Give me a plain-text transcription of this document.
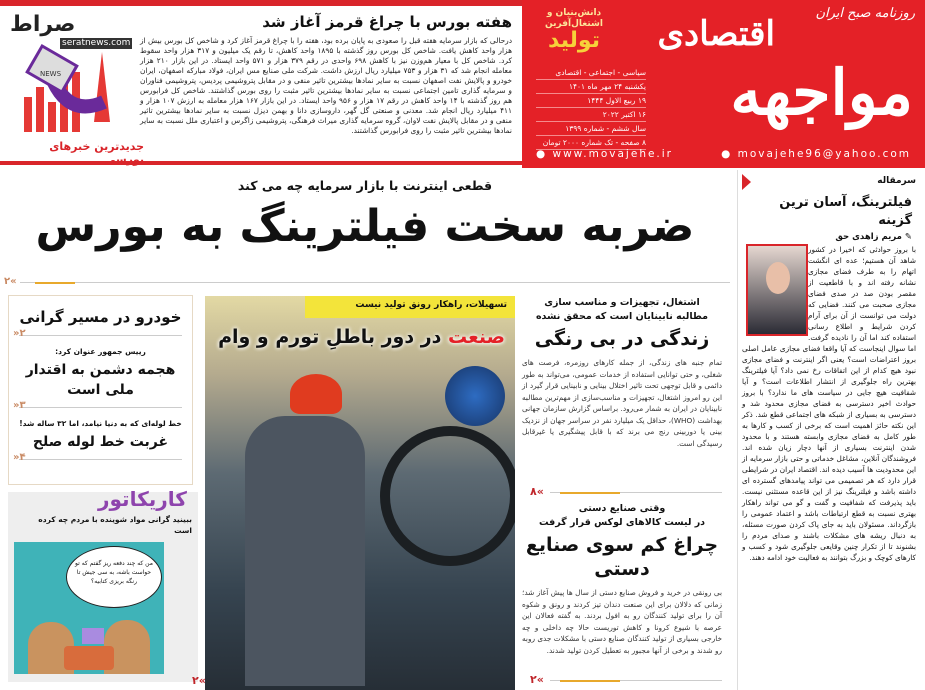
صراط
seratnews.com
NEWS
جدیدترین خبرهای بورسی
هفته بورس با چراغ قرمز آغاز شد
درحالی که بازار سرمایه هفته قبل را صعودی به پایان برده بود، هفته را با چراغ قرمز آغاز کرد و شاخص کل بورس بیش از هزار واحد کاهش یافت. شاخص کل بورس روز گذشته با ۱۸۹۵ واحد کاهش، تا رقم یک میلیون و ۳۱۷ هزار واحد سقوط کرد. شاخص کل با معیار هم‌وزن نیز با کاهش ۶۹۸ واحدی در رقم ۳۷۹ هزار و ۵۷۱ واحد ایستاد. در این بازار ۲۱۰ هزار معامله انجام شد که ۳۱ هزار و ۷۵۳ میلیارد ریال ارزش داشت. شرکت ملی صنایع مس ایران، فولاد مبارکه اصفهان، ایران خودرو و پالایش نفت اصفهان نسبت به سایر نمادها بیشترین تاثیر منفی و در مقابل پتروشیمی پردیس، پتروشیمی فناوران و سرمایه گذاری تامین اجتماعی نسبت به سایر نمادها بیشترین تاثیر مثبت را روی بورس گذاشتند. شاخص کل فرابورس هم روز گذشته با ۱۴ واحد کاهش در رقم ۱۷ هزار و ۹۵۶ واحد ایستاد. در این بازار ۱۶۷ هزار معامله به ارزش ۱۰۷ هزار و ۴۱۱ میلیارد ریال انجام شد. معدنی و صنعتی گل گهر، داروسازی دانا و بهمن دیزل نسبت به سایر نمادها بیشترین تاثیر منفی و در مقابل پالایش نفت لاوان، گروه سرمایه گذاری میراث فرهنگی، پتروشیمی زاگرس و اعتباری ملل نسبت به سایر نمادها بیشترین تاثیر مثبت را روی فرابورس گذاشتند.
روزنامه صبح ایران
اقتصادی
مواجهه
دانش‌بنیان و اشتغال‌آفرین
تولید
سیاسی - اجتماعی - اقتصادی
یکشنبه ۲۴ مهر ماه ۱۴۰۱
۱۹ ربیع الاول ۱۴۴۴
۱۶ اکتبر ۲۰۲۲
سال ششم - شماره ۱۳۹۹
۸ صفحه - تک شماره ۲۰۰۰ تومان
● www.movajehe.ir	● movajehe96@yahoo.com
قطعی اینترنت با بازار سرمایه چه می کند
ضربه سخت فیلترینگ به بورس
۲«
خودرو در مسیر گرانی
۲«
رییس جمهور عنوان کرد:
هجمه دشمن به اقتدار ملی است
۳«
خط لوله‌ای که به دنیا نیامد، اما ۳۲ ساله شد!
غربت خط لوله صلح
۴«
کاریکاتور
ببینید گرانی مواد شوینده با مردم چه کرده است
من که چند دفعه ریز گفتم که تو حواست باشه، به سی جیش تا رنگه بریزی کتابیه؟
تسهیلات، راهکار رونق تولید نیست
صنعت در دور باطلِ تورم و وام
۲«
اشتغال، تجهیزات و مناسب سازی
مطالبه نابینایان است که محقق نشده
زندگی در بی رنگی
تمام جنبه های زندگی، از جمله کارهای روزمره، فرصت های شغلی، و حتی توانایی استفاده از خدمات عمومی، می‌تواند به طور دائمی و قابل توجهی تحت تاثیر اختلال بینایی و نابینایی قرار گیرد از این رو امروز اشتغال، تجهیزات و مناسب‌سازی از مهم‌ترین مطالبه نابینایان در ایران به شمار می‌رود. براساس گزارش سازمان جهانی بهداشت (WHO)، حداقل یک میلیارد نفر در سراسر جهان از نزدیک بینی یا دوربینی رنج می برند که با قابل پیشگیری یا غیرقابل رسیدگی است.
۸«
وقتی صنایع دستی
در لیست کالاهای لوکس قرار گرفت
چراغ کم سوی صنایع دستی
بی رونقی در خرید و فروش صنایع دستی از سال ها پیش آغاز شد؛ زمانی که دلالان برای این صنعت دندان تیز کردند و رونق و شکوه آن را برای تولید کنندگان رو به افول بردند. به گفته فعالان این عرصه با شیوع کرونا و کاهش توریست حالا چه داخلی و چه خارجی بسیاری از تولید کنندگان صنایع دستی با مشکلات جدی روبه رو شدند و برخی از آنها مجبور به تعطیل کردن تولید شدند.
۲«
سرمقاله
فیلترینگ، آسان ترین گزینه
✎ مریم زاهدی حق
با بروز حوادثی که اخیرا در کشور شاهد آن هستیم؛ عده ای انگشت اتهام را به طرف فضای مجازی نشانه رفته اند و با قاطعیت از مقصر بودن صد در صدی فضای مجازی صحبت می کنند. فضایی که دولت می توانست از آن برای آرام کردن شرایط و اطلاع رسانی استفاده کند اما آن را نادیده گرفت. اما سوال اینجاست که آیا واقعا فضای مجازی عامل اصلی بروز اعتراضات است؟ یعنی اگر اینترنت و فضای مجازی نبود هیچ کدام از این اتفاقات رخ نمی داد؟ آیا فیلترینگ بهترین راه جلوگیری از انتشار اطلاعات است؟ و آیا شفافیت هیچ جایی در سیاست های ما ندارد؟ با بروز حوادث اخیر دسترسی به فضای مجازی محدود شد و دسترسی به بسیاری از شبکه های اجتماعی قطع شد. ذکر این نکته حائز اهمیت است که برخی از کسب و کارها به طور کامل به فضای مجازی وابسته هستند و با محدود شدن اینترنت بسیاری از آنها دچار زیان شده اند. فروشندگان آنلاین، مشاغل خدماتی و حتی بازار سرمایه از این محدودیت ها آسیب دیده اند. اقتصاد ایران در شرایطی قرار دارد که هر تصمیمی می تواند پیامدهای گسترده ای داشته باشد و فیلترینگ نیز از این قاعده مستثنی نیست. باید پذیرفت که شفافیت و گفت و گو می تواند راهکار بهتری نسبت به قطع ارتباطات باشد و اعتماد عمومی را بازگرداند. مسئولان باید به جای پاک کردن صورت مسئله، به دنبال ریشه های مشکلات باشند و صدای مردم را بشنوند تا از تکرار چنین وقایعی جلوگیری شود و کسب و کارهای کوچک و بزرگ بتوانند به فعالیت خود ادامه دهند.
